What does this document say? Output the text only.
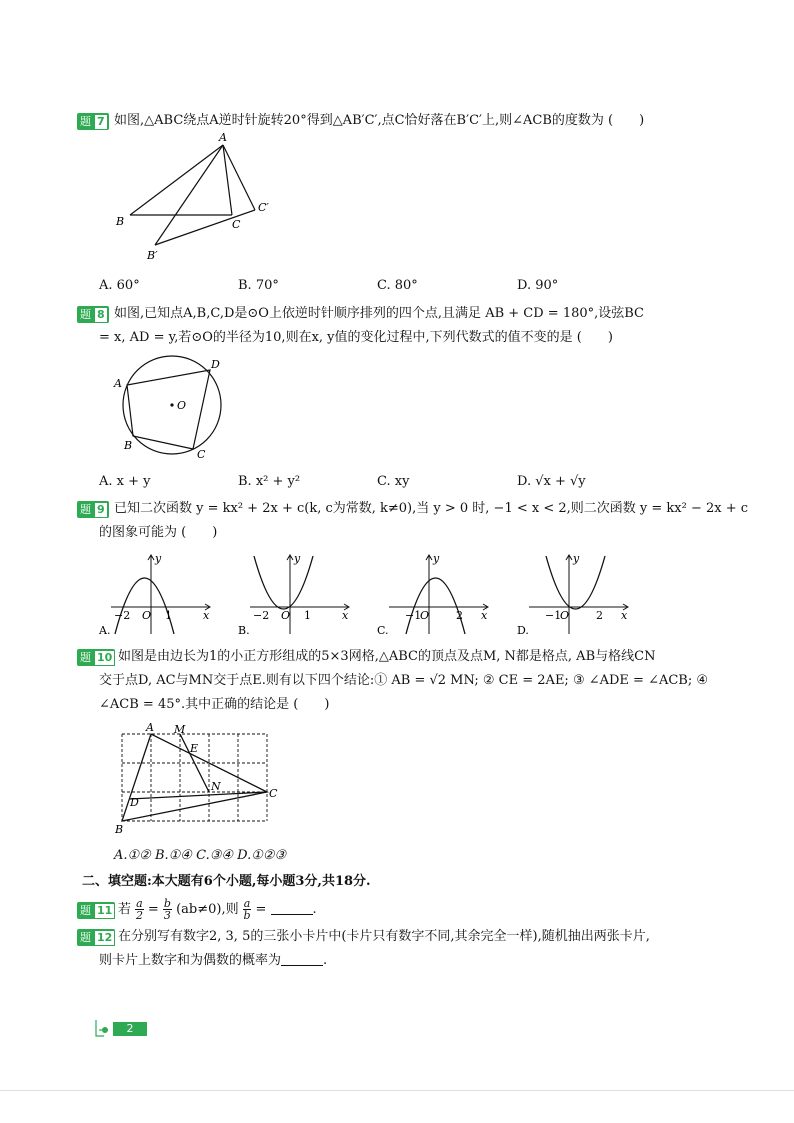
题 7 如图,△ABC绕点A逆时针旋转20°得到△AB′C′,点C恰好落在B′C′上,则∠ACB的度数为 (　　)
A
B	C
C′
B′
A. 60°	B. 70°	C. 80°	D. 90°
题 8 如图,已知点A,B,C,D是⊙O上依逆时针顺序排列的四个点,且满足 AB + CD = 180°,设弦BC
= x, AD = y,若⊙O的半径为10,则在x, y值的变化过程中,下列代数式的值不变的是 (　　)
O
A
D
B
C
A. x + y	B. x² + y²	C. xy	D. √x + √y
题 9 已知二次函数 y = kx² + 2x + c(k, c为常数, k≠0),当 y > 0 时, −1 < x < 2,则二次函数 y = kx² − 2x + c
的图象可能为 (　　)
−2	1
O	x
y
A.
−2	1
O	x
y
B.
−1	2
O	x
y
C.
−1	2
O	x
y
D.
题 10 如图是由边长为1的小正方形组成的5×3网格,△ABC的顶点及点M, N都是格点, AB与格线CN
交于点D, AC与MN交于点E.则有以下四个结论:① AB = √2 MN; ② CE = 2AE; ③ ∠ADE = ∠ACB; ④
∠ACB = 45°.其中正确的结论是 (　　)
A M
E
N
C
D
B
A.①② B.①④ C.③④ D.①②③
二、填空题:本大题有6个小题,每小题3分,共18分.
题 11 若 $\frac{a}{2} = \frac{b}{3} (ab\ne 0)$,则 $\frac{a}{b}$ =	.
题 12 在分别写有数字2, 3, 5的三张小卡片中(卡片只有数字不同,其余完全一样),随机抽出两张卡片,
则卡片上数字和为偶数的概率为	.
2
